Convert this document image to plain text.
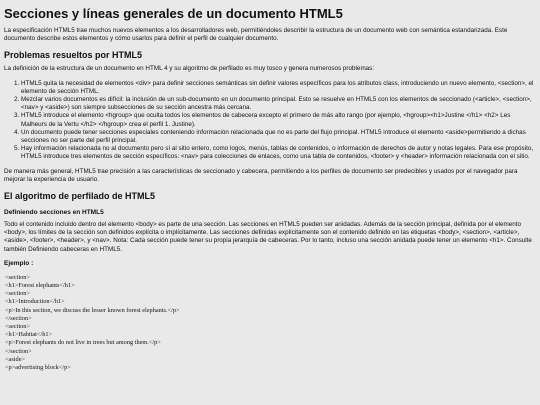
Secciones y líneas generales de un documento HTML5

La especificación HTML5 trae muchos nuevos elementos a los desarrolladores web, permitiéndoles describir la estructura de un documento web con semántica estandarizada. Este documento describe estos elementos y cómo usarlos para definir el perfil de cualquier documento.

Problemas resueltos por HTML5

La definición de la estructura de un documento en HTML 4 y su algoritmo de perfilado es muy tosco y genera numerosos problemas:

1. HTML5 quita la necesidad de elementos <div> para definir secciones semánticas sin definir valores específicos para los atributos class, introduciendo un nuevo elemento, <section>, el elemento de sección HTML.
2. Mezclar varios documentos es difícil: la inclusión de un sub-documento en un documento principal. Esto se resuelve en HTML5 con los elementos de seccionado (<article>, <section>, <nav> y <aside>) son siempre subsecciones de su sección ancestra más cercana.
3. HTML5 introduce el elemento <hgroup> que oculta todos los elementos de cabecera excepto el primero de más alto rango (por ejemplo, <hgroup><h1>Justine </h1> <h2> Les Malheurs de la Vertu </h2> </hgroup> crea el perfil 1. Justine).
4. Un documento puede tener secciones especiales conteniendo información relacionada que no es parte del flujo principal. HTML5 introduce el elemento <aside>permitiendo a dichas secciones no ser parte del perfil principal.
5. Hay información relacionada no al documento pero sí al sitio entero, como logos, menús, tablas de contenidos, o información de derechos de autor y notas legales. Para ese propósito, HTML5 introduce tres elementos de sección específicos: <nav> para colecciones de enlaces, como una tabla de contenidos, <footer> y <header> información relacionada con el sitio.

De manera más general, HTML5 trae precisión a las características de seccionado y cabecera, permitiendo a los perfiles de documento ser predecibles y usados por el navegador para mejorar la experiencia de usuario.

El algoritmo de perfilado de HTML5
Definiendo secciones en HTML5

Todo el contenido incluido dentro del elemento <body> es parte de una sección. Las secciones en HTML5 pueden ser anidadas. Además de la sección principal, definida por el elemento <body>, los límites de la sección son definidos explícita o implícitamente. Las secciones definidas explícitamente son el contenido definido en las etiquetas <body>, <section>, <article>, <aside>, <footer>, <header>, y <nav>. Nota: Cada sección puede tener su propia jerarquía de cabeceras. Por lo tanto, incluso una sección anidada puede tener un elemento <h1>. Consulte también Definiendo cabeceras en HTML5.

Ejemplo :
<section>
<h1>Forest elephants</h1>
<section>
<h1>Introduction</h1>
<p>In this section, we discuss the lesser known forest elephants.</p>
</section>
<section>
<h1>Habitat</h1>
<p>Forest elephants do not live in trees but among them.</p>
</section>
<aside>
<p>advertising block</p>
